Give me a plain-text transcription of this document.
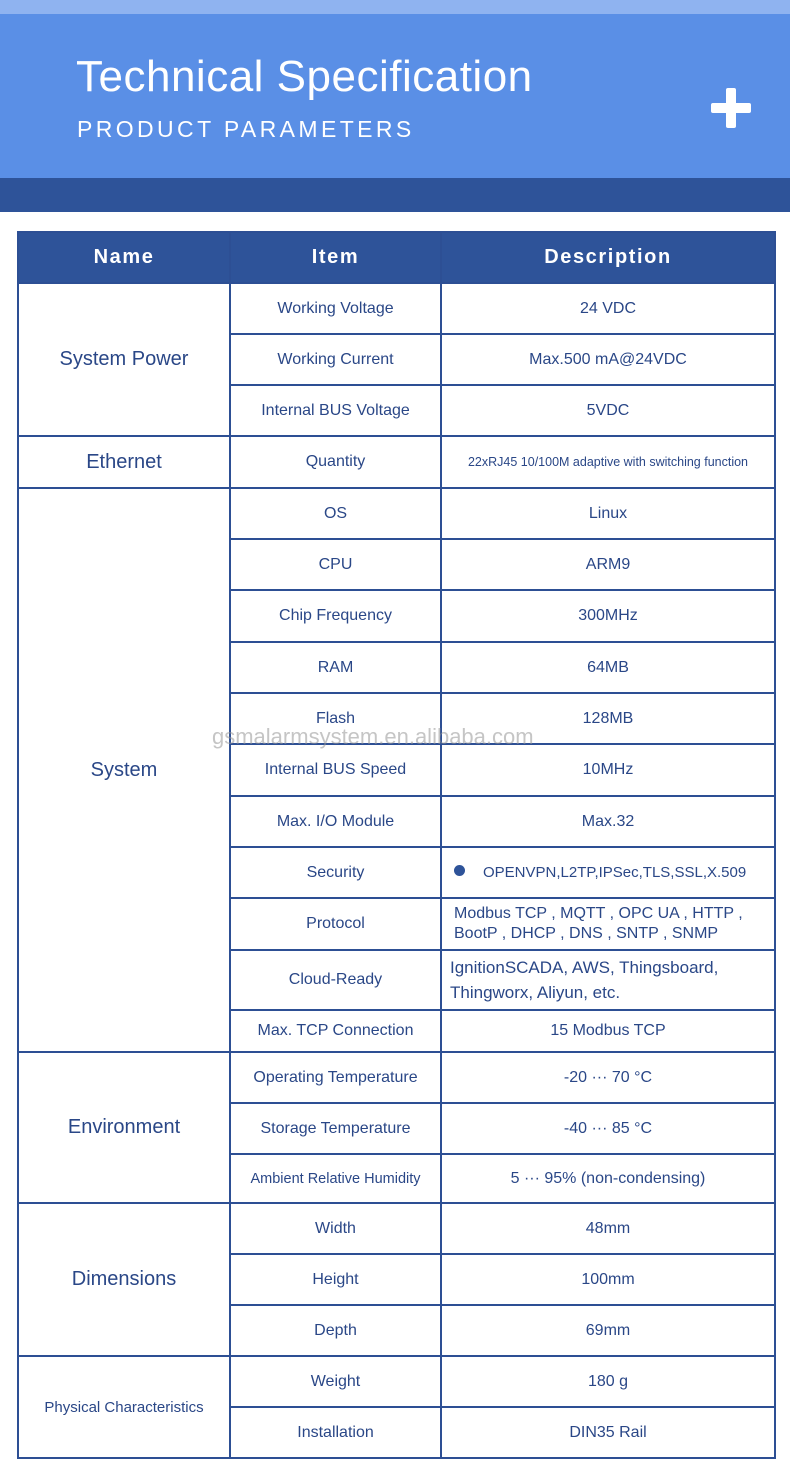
Technical Specification
PRODUCT PARAMETERS
Name	Item	Description
System Power	Working Voltage	24 VDC
	Working Current	Max.500 mA@24VDC
	Internal BUS Voltage	5VDC
Ethernet	Quantity	22xRJ45 10/100M adaptive with switching function
System	OS	Linux
	CPU	ARM9
	Chip Frequency	300MHz
	RAM	64MB
	Flash	128MB
	Internal BUS Speed	10MHz
	Max. I/O Module	Max.32
	Security	OPENVPN,L2TP,IPSec,TLS,SSL,X.509
	Protocol	Modbus TCP , MQTT , OPC UA , HTTP , BootP , DHCP , DNS , SNTP , SNMP
	Cloud-Ready	IgnitionSCADA, AWS, Thingsboard, Thingworx, Aliyun, etc.
	Max. TCP Connection	15 Modbus TCP
Environment	Operating Temperature	-20 ··· 70 °C
	Storage Temperature	-40 ··· 85 °C
	Ambient Relative Humidity	5 ··· 95% (non-condensing)
Dimensions	Width	48mm
	Height	100mm
	Depth	69mm
Physical Characteristics	Weight	180 g
	Installation	DIN35 Rail
gsmalarmsystem.en.alibaba.com
